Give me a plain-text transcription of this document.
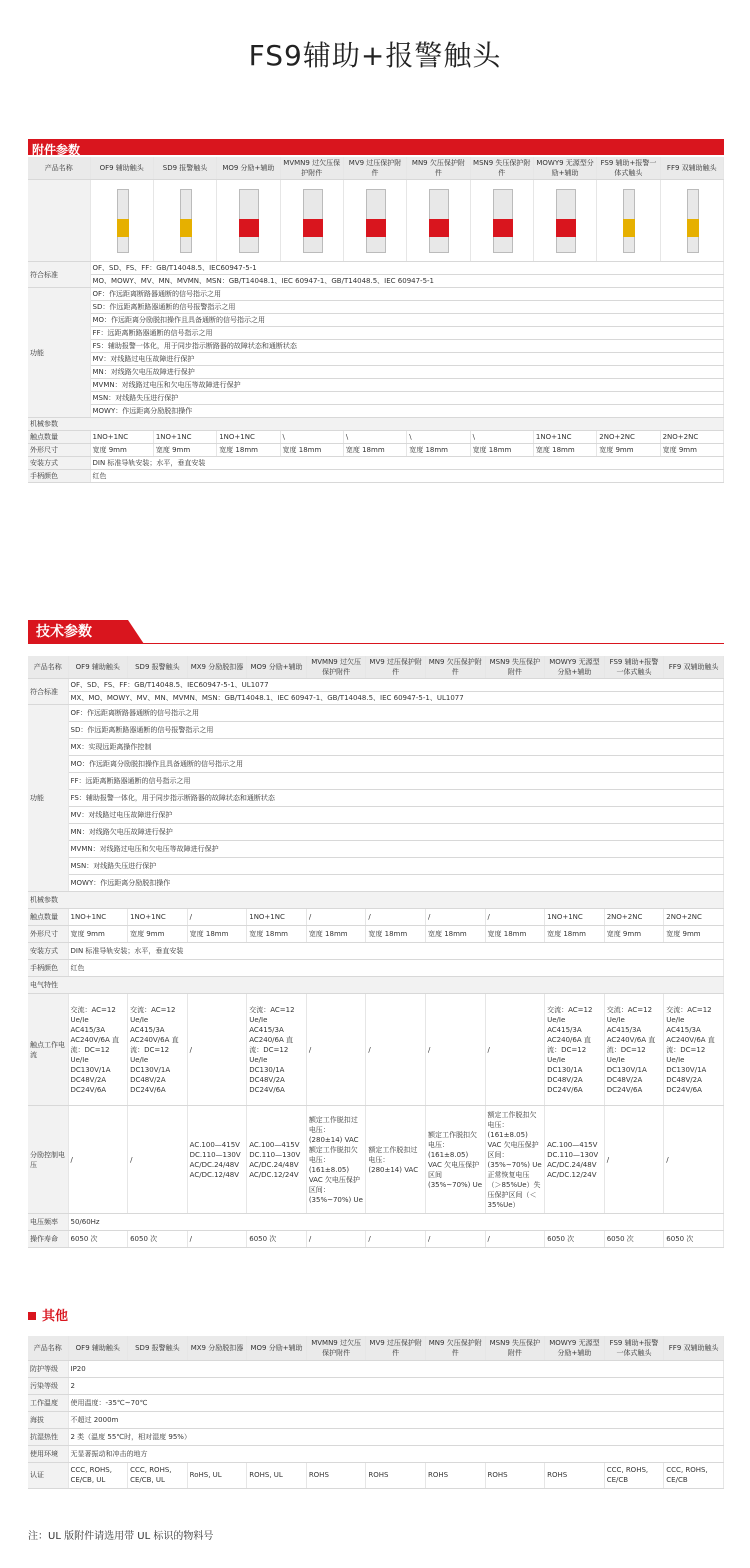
FS9辅助+报警触头
附件参数
产品名称	OF9 辅助触头	SD9 报警触头	MO9 分励+辅助	MVMN9 过欠压保护附件	MV9 过压保护附件	MN9 欠压保护附件	MSN9 失压保护附件	MOWY9 无源型分励+辅助	FS9 辅助+报警一体式触头	FF9 双辅助触头

符合标准	OF、SD、FS、FF：GB/T14048.5、IEC60947-5-1									
	MO、MOWY、MV、MN、MVMN、MSN：GB/T14048.1、IEC 60947-1、GB/T14048.5、IEC 60947-5-1									
功能	OF：作远距离断路器通断的信号指示之用									
	SD：作远距离断路器通断的信号报警指示之用									
	MO：作远距离分励脱扣操作且具备通断的信号指示之用									
	FF：远距离断路器通断的信号指示之用									
	FS：辅助报警一体化，用于同步指示断路器的故障状态和通断状态									
	MV：对线路过电压故障进行保护									
	MN：对线路欠电压故障进行保护									
	MVMN：对线路过电压和欠电压等故障进行保护									
	MSN：对线路失压进行保护									
	MOWY：作远距离分励脱扣操作									
机械参数										
触点数量	1NO+1NC	1NO+1NC	1NO+1NC	\	\	\	\	1NO+1NC	2NO+2NC	2NO+2NC
外形尺寸	宽度 9mm	宽度 9mm	宽度 18mm	宽度 18mm	宽度 18mm	宽度 18mm	宽度 18mm	宽度 18mm	宽度 9mm	宽度 9mm
安装方式	DIN 标准导轨安装；水平，垂直安装									
手柄颜色	红色									
技术参数
产品名称	OF9 辅助触头	SD9 报警触头	MX9 分励脱扣器	MO9 分励+辅助	MVMN9 过欠压保护附件	MV9 过压保护附件	MN9 欠压保护附件	MSN9 失压保护附件	MOWY9 无源型分励+辅助	FS9 辅助+报警一体式触头	FF9 双辅助触头
符合标准	OF、SD、FS、FF：GB/T14048.5、IEC60947-5-1、UL1077										
	MX、MO、MOWY、MV、MN、MVMN、MSN：GB/T14048.1、IEC 60947-1、GB/T14048.5、IEC 60947-5-1、UL1077										
功能	OF：作远距离断路器通断的信号指示之用										
	SD：作远距离断路器通断的信号报警指示之用										
	MX：实现远距离操作控制										
	MO：作远距离分励脱扣操作且具备通断的信号指示之用										
	FF：远距离断路器通断的信号指示之用										
	FS：辅助报警一体化，用于同步指示断路器的故障状态和通断状态										
	MV：对线路过电压故障进行保护										
	MN：对线路欠电压故障进行保护										
	MVMN：对线路过电压和欠电压等故障进行保护										
	MSN：对线路失压进行保护										
	MOWY：作远距离分励脱扣操作										
机械参数											
触点数量	1NO+1NC	1NO+1NC	/	1NO+1NC	/	/	/	/	1NO+1NC	2NO+2NC	2NO+2NC
外形尺寸	宽度 9mm	宽度 9mm	宽度 18mm	宽度 18mm	宽度 18mm	宽度 18mm	宽度 18mm	宽度 18mm	宽度 18mm	宽度 9mm	宽度 9mm
安装方式	DIN 标准导轨安装；水平，垂直安装										
手柄颜色	红色										
电气特性											
触点工作电流	交流：AC=12 Ue/Ie AC415/3A AC240V/6A 直流：DC=12 Ue/Ie DC130V/1A DC48V/2A DC24V/6A	交流：AC=12 Ue/Ie AC415/3A AC240V/6A 直流：DC=12 Ue/Ie DC130V/1A DC48V/2A DC24V/6A	/	交流：AC=12 Ue/Ie AC415/3A AC240/6A 直流：DC=12 Ue/Ie DC130/1A DC48V/2A DC24V/6A	/	/	/	/	交流：AC=12 Ue/Ie AC415/3A AC240/6A 直流：DC=12 Ue/Ie DC130/1A DC48V/2A DC24V/6A	交流：AC=12 Ue/Ie AC415/3A AC240V/6A 直流：DC=12 Ue/Ie DC130V/1A DC48V/2A DC24V/6A	交流：AC=12 Ue/Ie AC415/3A AC240V/6A 直流：DC=12 Ue/Ie DC130V/1A DC48V/2A DC24V/6A
分励控制电压	/	/	AC.100—415V DC.110—130V AC/DC.24/48V AC/DC.12/48V	AC.100—415V DC.110—130V AC/DC.24/48V AC/DC.12/24V	额定工作脱扣过电压：(280±14) VAC 额定工作脱扣欠电压：(161±8.05) VAC 欠电压保护区间：(35%~70%) Ue	额定工作脱扣过电压：(280±14) VAC	额定工作脱扣欠电压：(161±8.05) VAC 欠电压保护区间(35%~70%) Ue	额定工作脱扣欠电压：(161±8.05) VAC 欠电压保护区间：(35%~70%) Ue 正常恢复电压（＞85%Ue）失压保护区间（＜35%Ue）	AC.100—415V DC.110—130V AC/DC.24/48V AC/DC.12/24V	/	/
电压频率	50/60Hz										
操作寿命	6050 次	6050 次	/	6050 次	/	/	/	/	6050 次	6050 次	6050 次
其他
产品名称	OF9 辅助触头	SD9 报警触头	MX9 分励脱扣器	MO9 分励+辅助	MVMN9 过欠压保护附件	MV9 过压保护附件	MN9 欠压保护附件	MSN9 失压保护附件	MOWY9 无源型分励+辅助	FS9 辅助+报警一体式触头	FF9 双辅助触头
防护等级	IP20										
污染等级	2										
工作温度	使用温度：-35℃~70℃										
海拔	不超过 2000m										
抗湿热性	2 类（温度 55℃时，相对湿度 95%）										
使用环境	无显著振动和冲击的地方										
认证	CCC, ROHS, CE/CB, UL	CCC, ROHS, CE/CB, UL	RoHS, UL	ROHS, UL	ROHS	ROHS	ROHS	ROHS	ROHS	CCC, ROHS, CE/CB	CCC, ROHS, CE/CB
注：UL 版附件请选用带 UL 标识的物料号
